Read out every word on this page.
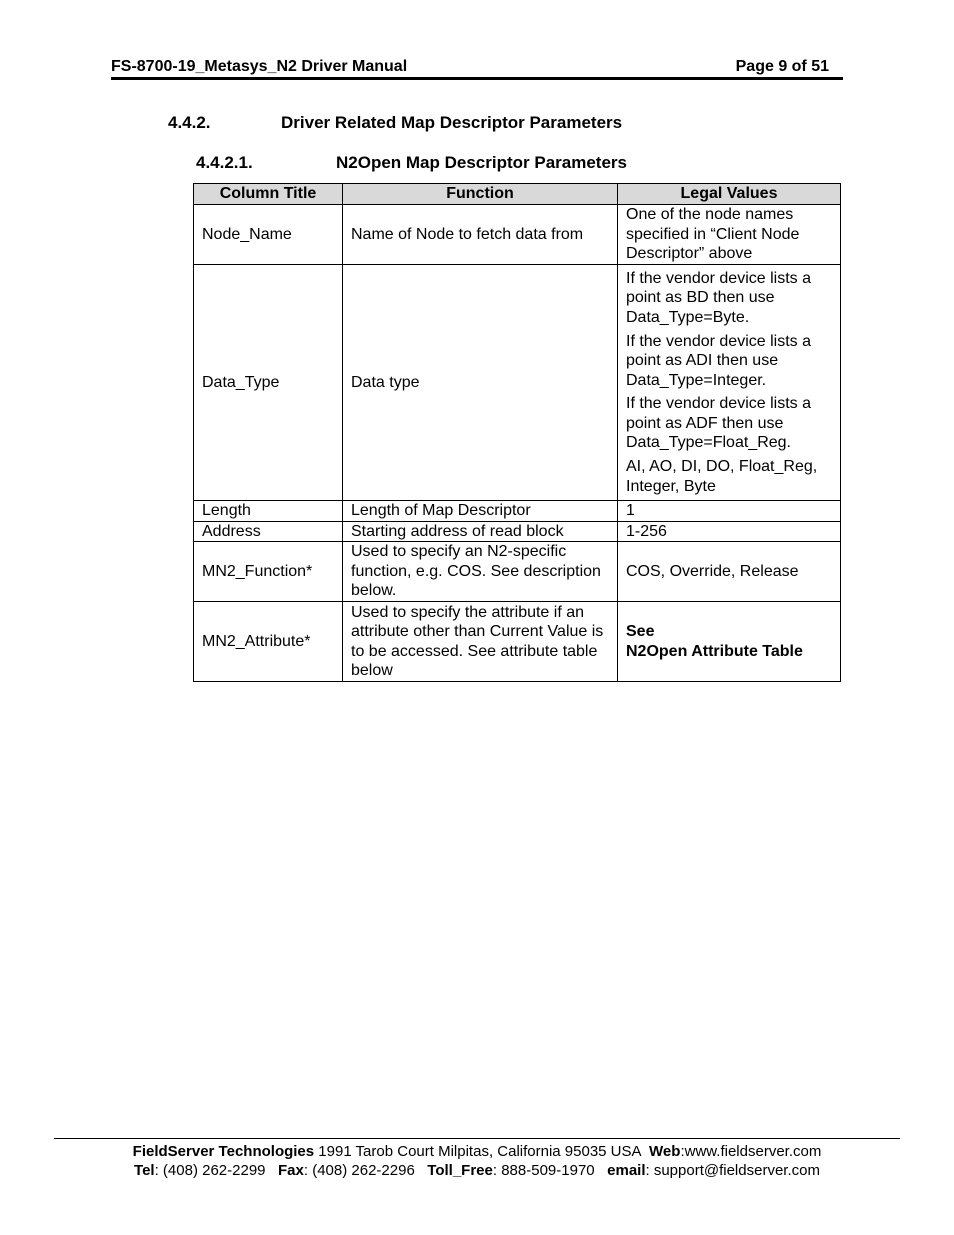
FS-8700-19_Metasys_N2 Driver Manual	Page 9 of 51
4.4.2.	Driver Related Map Descriptor Parameters
4.4.2.1.	N2Open Map Descriptor Parameters
Column Title	Function	Legal Values
Node_Name	Name of Node to fetch data from	One of the node names specified in “Client Node Descriptor” above
Data_Type	Data type	If the vendor device lists a point as BD then use Data_Type=Byte.

If the vendor device lists a point as ADI then use Data_Type=Integer.

If the vendor device lists a point as ADF then use Data_Type=Float_Reg.

AI, AO, DI, DO, Float_Reg, Integer, Byte

Length	Length of Map Descriptor	1
Address	Starting address of read block	1-256
MN2_Function*	Used to specify an N2-specific function, e.g. COS. See description below.	COS, Override, Release
MN2_Attribute*	Used to specify the attribute if an attribute other than Current Value is to be accessed. See attribute table below	See
N2Open Attribute Table
FieldServer Technologies 1991 Tarob Court Milpitas, California 95035 USA  Web:www.fieldserver.com
Tel: (408) 262-2299   Fax: (408) 262-2296   Toll_Free: 888-509-1970   email: support@fieldserver.com
